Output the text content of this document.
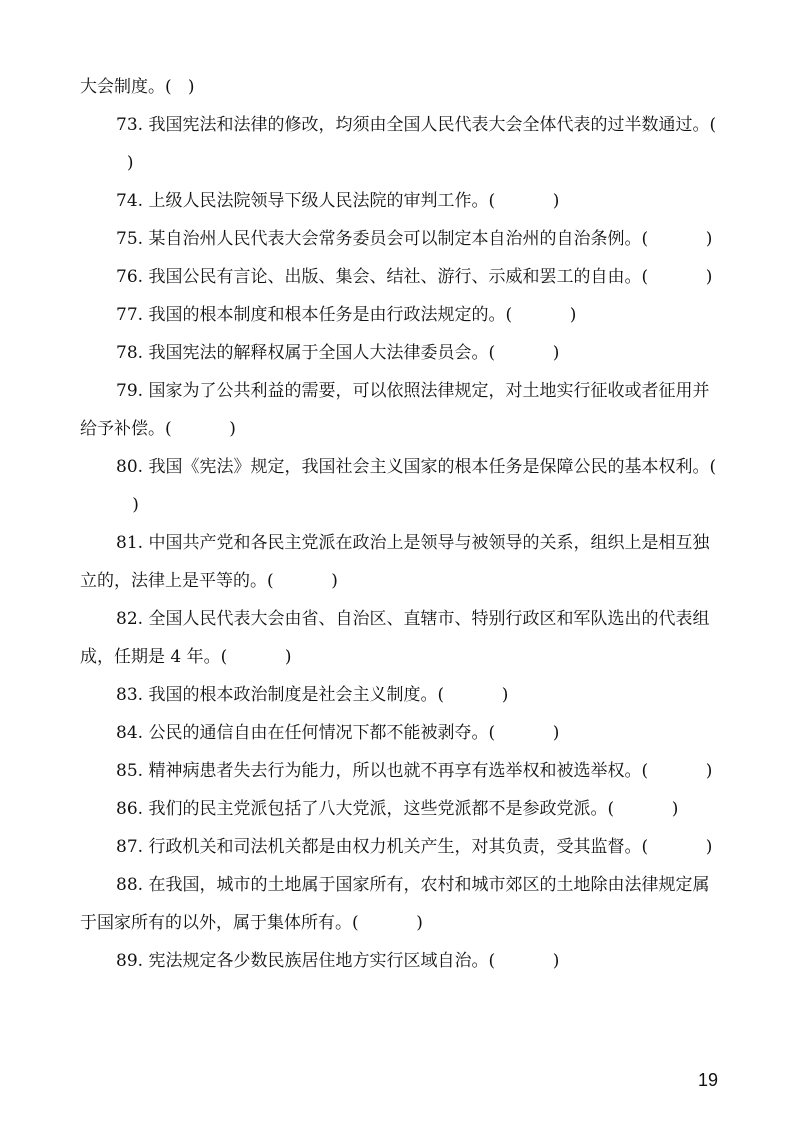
大会制度。(   )

73. 我国宪法和法律的修改，均须由全国人民代表大会全体代表的过半数通过。(   )

74. 上级人民法院领导下级人民法院的审判工作。(	)

75. 某自治州人民代表大会常务委员会可以制定本自治州的自治条例。(	)

76. 我国公民有言论、出版、集会、结社、游行、示威和罢工的自由。(	)

77. 我国的根本制度和根本任务是由行政法规定的。(	)

78. 我国宪法的解释权属于全国人大法律委员会。(	)

79. 国家为了公共利益的需要，可以依照法律规定，对土地实行征收或者征用并给予补偿。(	)

80. 我国《宪法》规定，我国社会主义国家的根本任务是保障公民的基本权利。(    )

81. 中国共产党和各民主党派在政治上是领导与被领导的关系，组织上是相互独立的，法律上是平等的。(	)

82. 全国人民代表大会由省、自治区、直辖市、特别行政区和军队选出的代表组成，任期是 4 年。(	)

83. 我国的根本政治制度是社会主义制度。(	)

84. 公民的通信自由在任何情况下都不能被剥夺。(	)

85. 精神病患者失去行为能力，所以也就不再享有选举权和被选举权。(	)

86. 我们的民主党派包括了八大党派，这些党派都不是参政党派。(	)

87. 行政机关和司法机关都是由权力机关产生，对其负责，受其监督。(	)

88. 在我国，城市的土地属于国家所有，农村和城市郊区的土地除由法律规定属于国家所有的以外，属于集体所有。(	)

89. 宪法规定各少数民族居住地方实行区域自治。(	)

19
